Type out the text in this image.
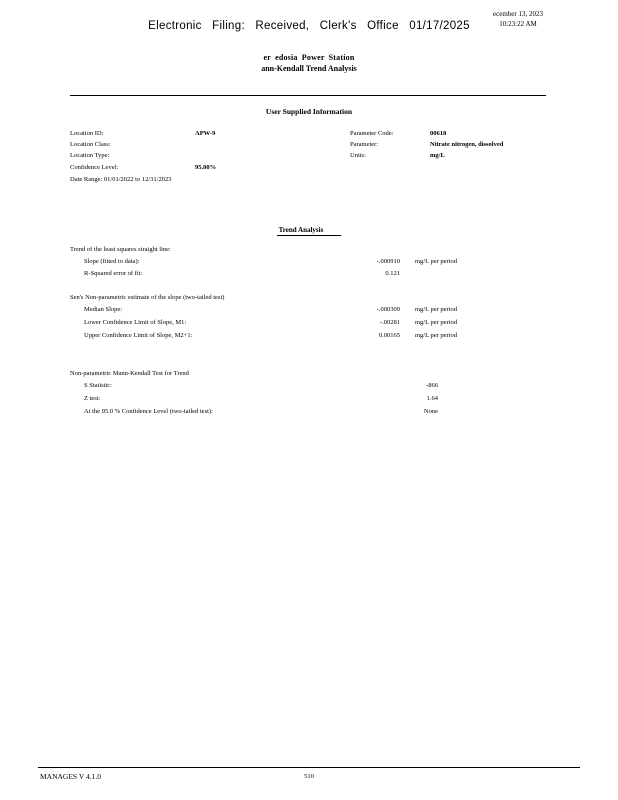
ecember 13, 2023
10:23:22 AM
Electronic Filing: Received, Clerk's Office 01/17/2025
er edosia Power Station
ann-Kendall Trend Analysis
User Supplied Information
Location ID:	APW-9
Location Class:
Location Type:
Confidence Level:	95.00%
Date Range: 01/01/2022 to 12/31/2023
Parameter Code:	00618
Parameter:	Nitrate nitrogen, dissolved
Units:	mg/L
Trend Analysis
Trend of the least squares straight line:
Slope (fitted to data):	-.000910 mg/L per period
R-Squared error of fit:	0.121
Sen's Non-parametric estimate of the slope (two-tailed test)
Median Slope:	-.000309 mg/L per period
Lower Confidence Limit of Slope, M1:	-.00281 mg/L per period
Upper Confidence Limit of Slope, M2+1:	0.00165 mg/L per period
Non-parametric Mann-Kendall Test for Trend
S Statistic:	-866
Z test:	1.64
At the 95.0 % Confidence Level (two-tailed test):	None
MANAGES V 4.1.0	510
